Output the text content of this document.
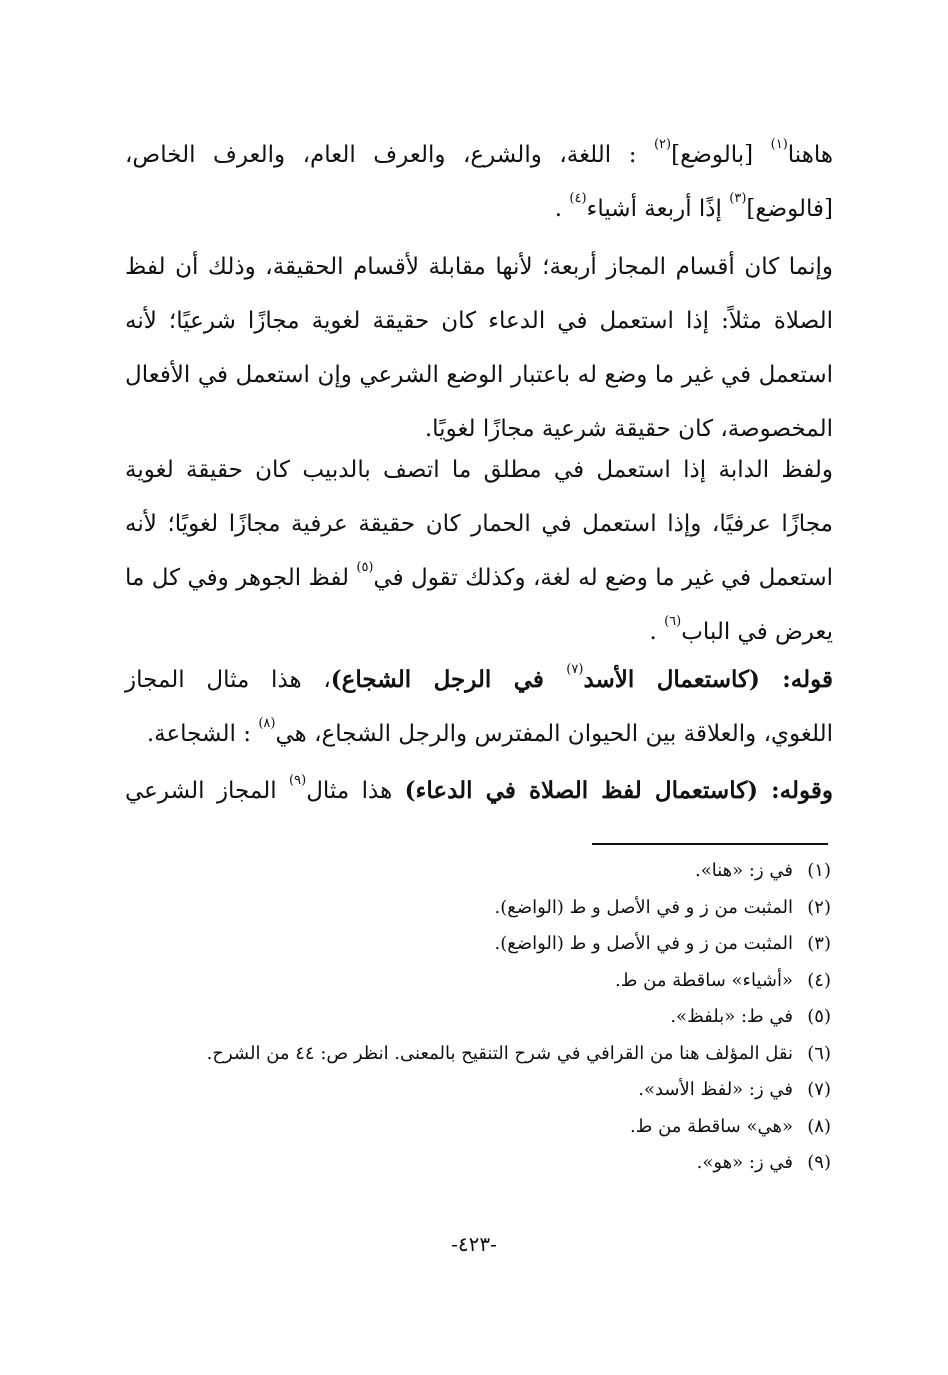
هاهنا$^{(١)}$ [بالوضع]$^{(٢)}$ : اللغة، والشرع، والعرف العام، والعرف الخاص،
[فالوضع]$^{(٣)}$ إذًا أربعة أشياء$^{(٤)}$ .
وإنما كان أقسام المجاز أربعة؛ لأنها مقابلة لأقسام الحقيقة، وذلك أن لفظ
الصلاة مثلاً: إذا استعمل في الدعاء كان حقيقة لغوية مجازًا شرعيًا؛ لأنه
استعمل في غير ما وضع له باعتبار الوضع الشرعي وإن استعمل في الأفعال
المخصوصة، كان حقيقة شرعية مجازًا لغويًا.
ولفظ الدابة إذا استعمل في مطلق ما اتصف بالدبيب كان حقيقة لغوية
مجازًا عرفيًا، وإذا استعمل في الحمار كان حقيقة عرفية مجازًا لغويًا؛ لأنه
استعمل في غير ما وضع له لغة، وكذلك تقول في$^{(٥)}$ لفظ الجوهر وفي كل ما
يعرض في الباب$^{(٦)}$ .
قوله: (كاستعمال الأسد$^{(٧)}$ في الرجل الشجاع)، هذا مثال المجاز
اللغوي، والعلاقة بين الحيوان المفترس والرجل الشجاع، هي$^{(٨)}$ : الشجاعة.
وقوله: (كاستعمال لفظ الصلاة في الدعاء) هذا مثال$^{(٩)}$ المجاز الشرعي
(١)في ز: «هنا».
(٢)المثبت من ز و في الأصل و ط (الواضع).
(٣)المثبت من ز و في الأصل و ط (الواضع).
(٤)«أشياء» ساقطة من ط.
(٥)في ط: «بلفظ».
(٦)نقل المؤلف هنا من القرافي في شرح التنقيح بالمعنى. انظر ص: ٤٤ من الشرح.
(٧)في ز: «لفظ الأسد».
(٨)«هي» ساقطة من ط.
(٩)في ز: «هو».
-٤٢٣-
